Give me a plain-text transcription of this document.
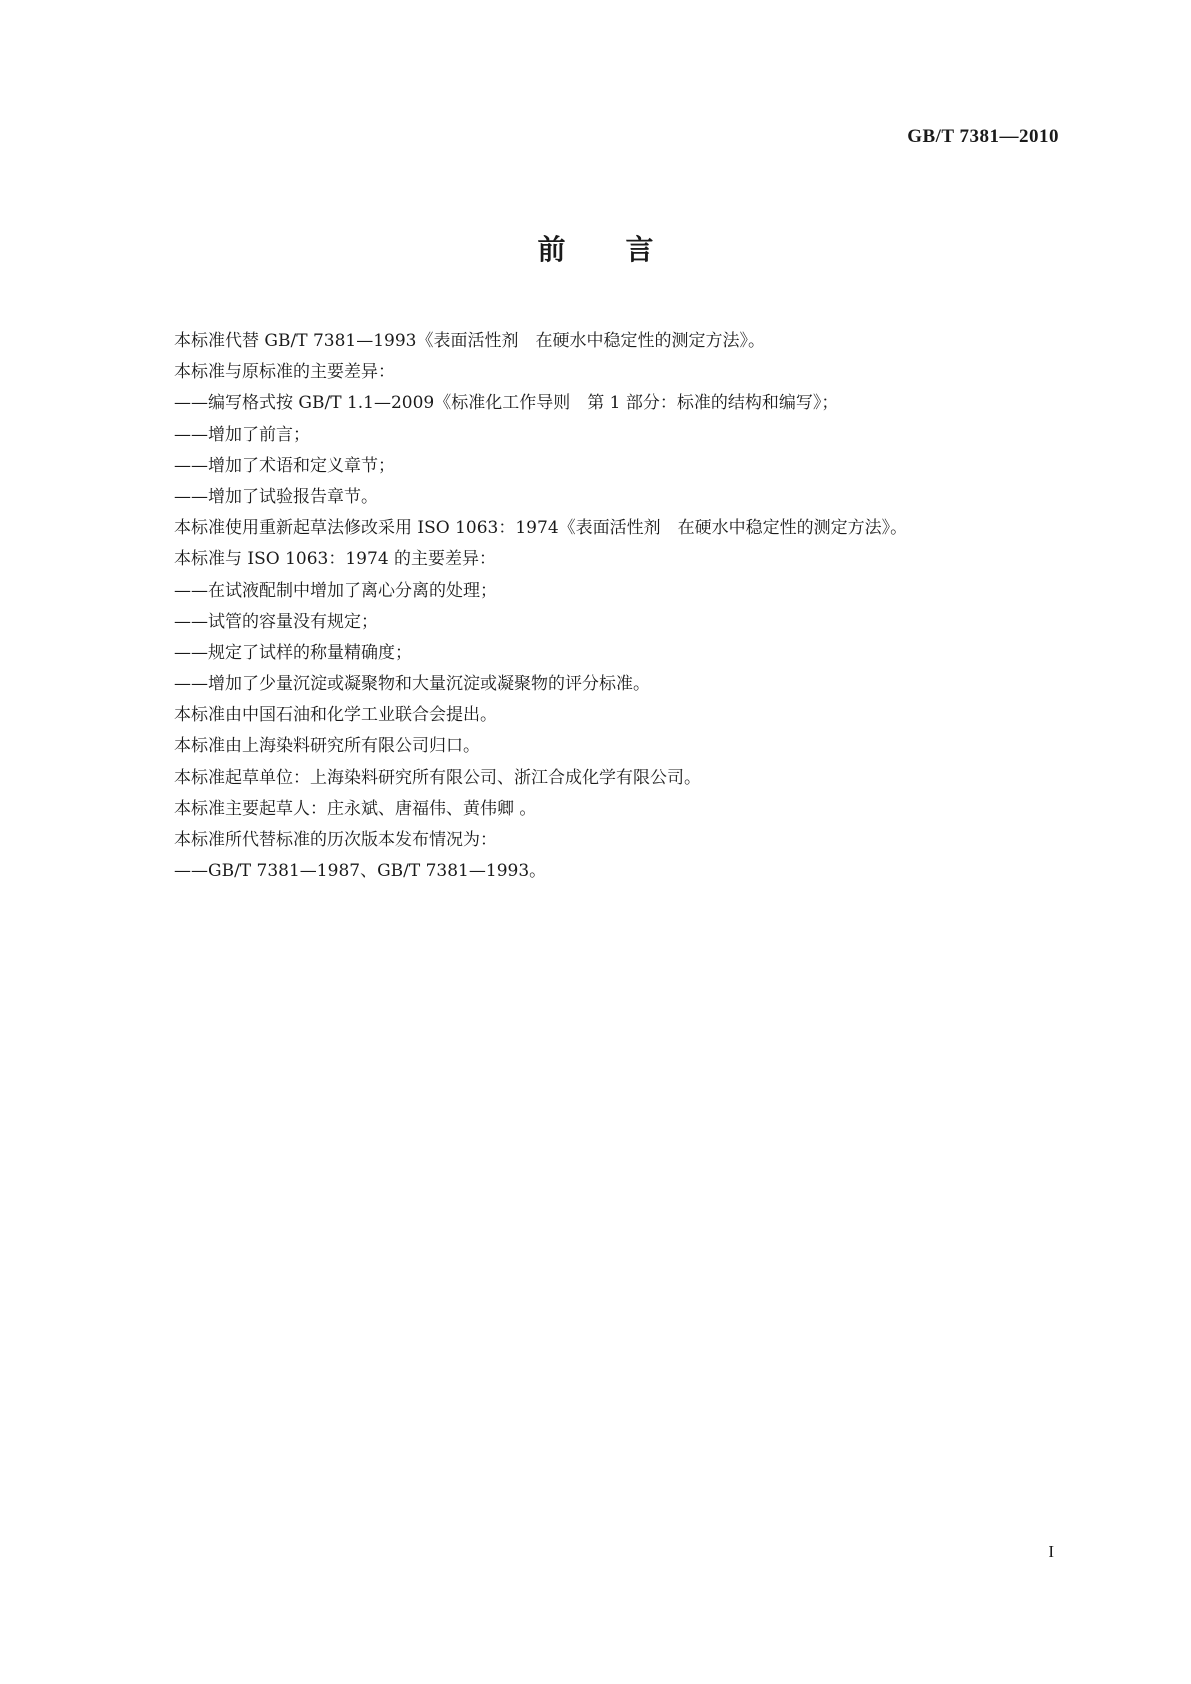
GB/T 7381—2010
前 言
本标准代替 GB/T 7381—1993《表面活性剂　在硬水中稳定性的测定方法》。
本标准与原标准的主要差异：
——编写格式按 GB/T 1.1—2009《标准化工作导则　第 1 部分：标准的结构和编写》；
——增加了前言；
——增加了术语和定义章节；
——增加了试验报告章节。
本标准使用重新起草法修改采用 ISO 1063：1974《表面活性剂　在硬水中稳定性的测定方法》。
本标准与 ISO 1063：1974 的主要差异：
——在试液配制中增加了离心分离的处理；
——试管的容量没有规定；
——规定了试样的称量精确度；
——增加了少量沉淀或凝聚物和大量沉淀或凝聚物的评分标准。
本标准由中国石油和化学工业联合会提出。
本标准由上海染料研究所有限公司归口。
本标准起草单位：上海染料研究所有限公司、浙江合成化学有限公司。
本标准主要起草人：庄永斌、唐福伟、黄伟卿 。
本标准所代替标准的历次版本发布情况为：
——GB/T 7381—1987、GB/T 7381—1993。
I
